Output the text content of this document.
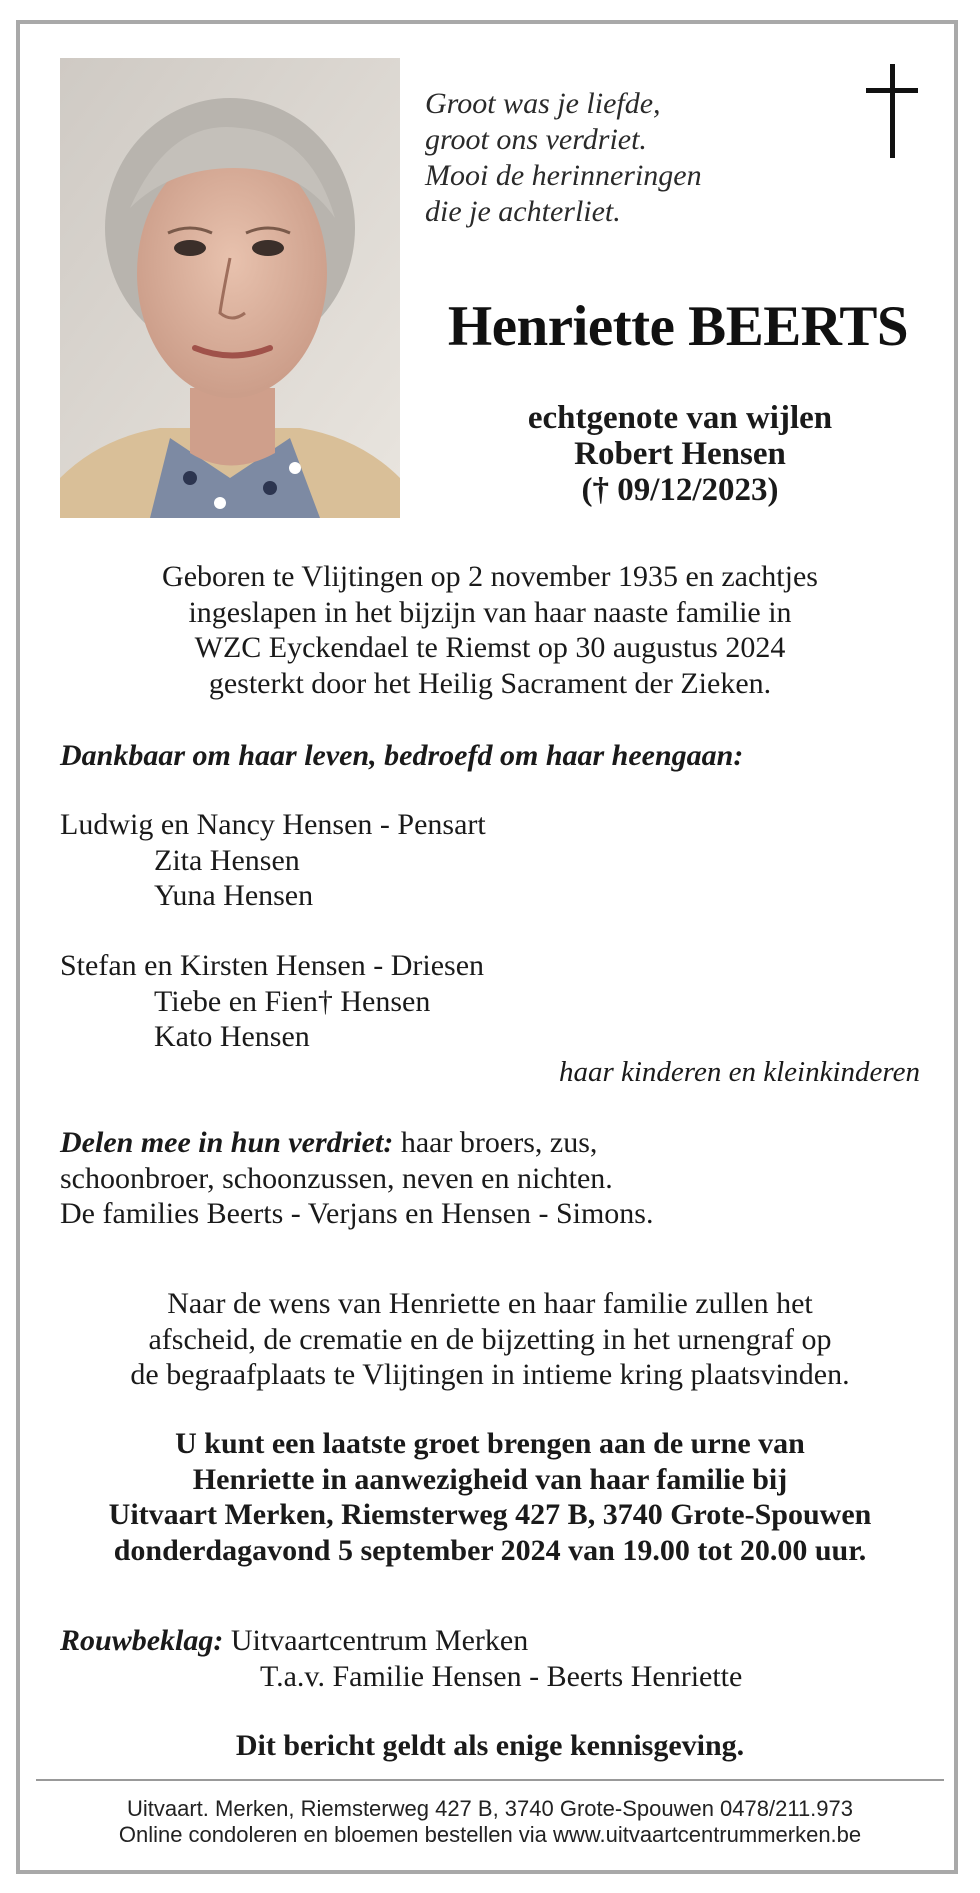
Groot was je liefde,
groot ons verdriet.
Mooi de herinneringen
die je achterliet.
Henriette BEERTS
echtgenote van wijlen
Robert Hensen
(† 09/12/2023)
Geboren te Vlijtingen op 2 november 1935 en zachtjes
ingeslapen in het bijzijn van haar naaste familie in
WZC Eyckendael te Riemst op 30 augustus 2024
gesterkt door het Heilig Sacrament der Zieken.
Dankbaar om haar leven, bedroefd om haar heengaan:
Ludwig en Nancy Hensen - Pensart
Zita Hensen
Yuna Hensen
Stefan en Kirsten Hensen - Driesen
Tiebe en Fien† Hensen
Kato Hensen
haar kinderen en kleinkinderen
Delen mee in hun verdriet: haar broers, zus,
schoonbroer, schoonzussen, neven en nichten.
De families Beerts - Verjans en Hensen - Simons.
Naar de wens van Henriette en haar familie zullen het
afscheid, de crematie en de bijzetting in het urnengraf op
de begraafplaats te Vlijtingen in intieme kring plaatsvinden.
U kunt een laatste groet brengen aan de urne van
Henriette in aanwezigheid van haar familie bij
Uitvaart Merken, Riemsterweg 427 B, 3740 Grote-Spouwen
donderdagavond 5 september 2024 van 19.00 tot 20.00 uur.
Rouwbeklag: Uitvaartcentrum Merken
T.a.v. Familie Hensen - Beerts Henriette
Dit bericht geldt als enige kennisgeving.
Uitvaart. Merken, Riemsterweg 427 B, 3740 Grote-Spouwen 0478/211.973
Online condoleren en bloemen bestellen via www.uitvaartcentrummerken.be
